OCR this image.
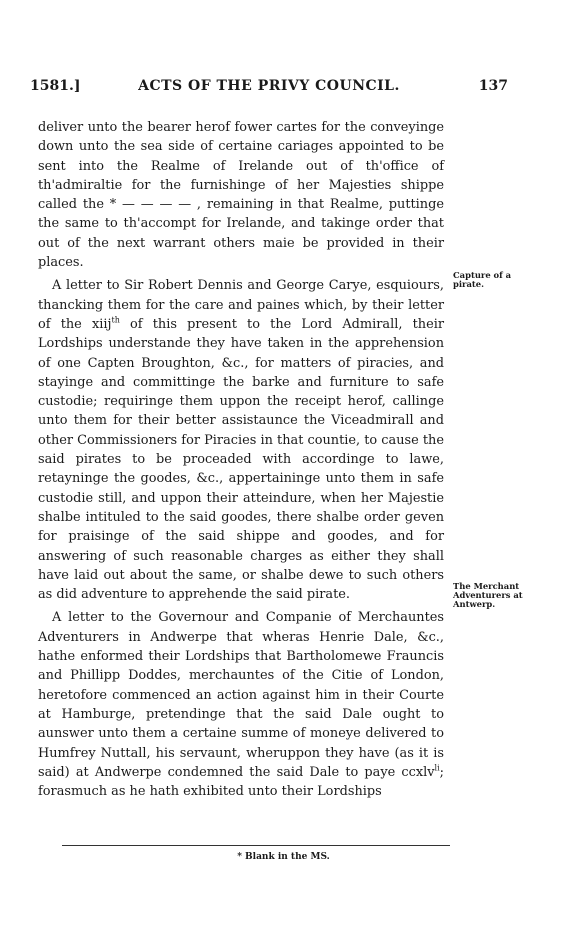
1581.]	ACTS OF THE PRIVY COUNCIL.	137

deliver unto the bearer herof fower cartes for the conveyinge down unto the sea side of certaine cariages appointed to be sent into the Realme of Irelande out of th'office of th'admiraltie for the furnishinge of her Majesties shippe called the * — — — — , remaining in that Realme, puttinge the same to th'accompt for Irelande, and takinge order that out of the next warrant others maie be provided in their places.

A letter to Sir Robert Dennis and George Carye, esquiours, thancking them for the care and paines which, by their letter of the xiij$^{th}$ of this present to the Lord Admirall, their Lordships understande they have taken in the apprehension of one Capten Broughton, &c., for matters of piracies, and stayinge and committinge the barke and furniture to safe custodie; requiringe them uppon the receipt herof, callinge unto them for their better assistaunce the Viceadmirall and other Commissioners for Piracies in that countie, to cause the said pirates to be proceaded with accordinge to lawe, retayninge the goodes, &c., appertaininge unto them in safe custodie still, and uppon their atteindure, when her Majestie shalbe intituled to the said goodes, there shalbe order geven for praisinge of the said shippe and goodes, and for answering of such reasonable charges as either they shall have laid out about the same, or shalbe dewe to such others as did adventure to apprehende the said pirate.

A letter to the Governour and Companie of Merchauntes Adventurers in Andwerpe that wheras Henrie Dale, &c., hathe enformed their Lordships that Bartholomewe Frauncis and Phillipp Doddes, merchauntes of the Citie of London, heretofore commenced an action against him in their Courte at Hamburge, pretendinge that the said Dale ought to aunswer unto them a certaine summe of moneye delivered to Humfrey Nuttall, his servaunt, wheruppon they have (as it is said) at Andwerpe condemned the said Dale to paye ccxlv$^{li}$; forasmuch as he hath exhibited unto their Lordships

Capture of a pirate.
The Merchant Adventurers at Antwerp.
* Blank in the MS.
